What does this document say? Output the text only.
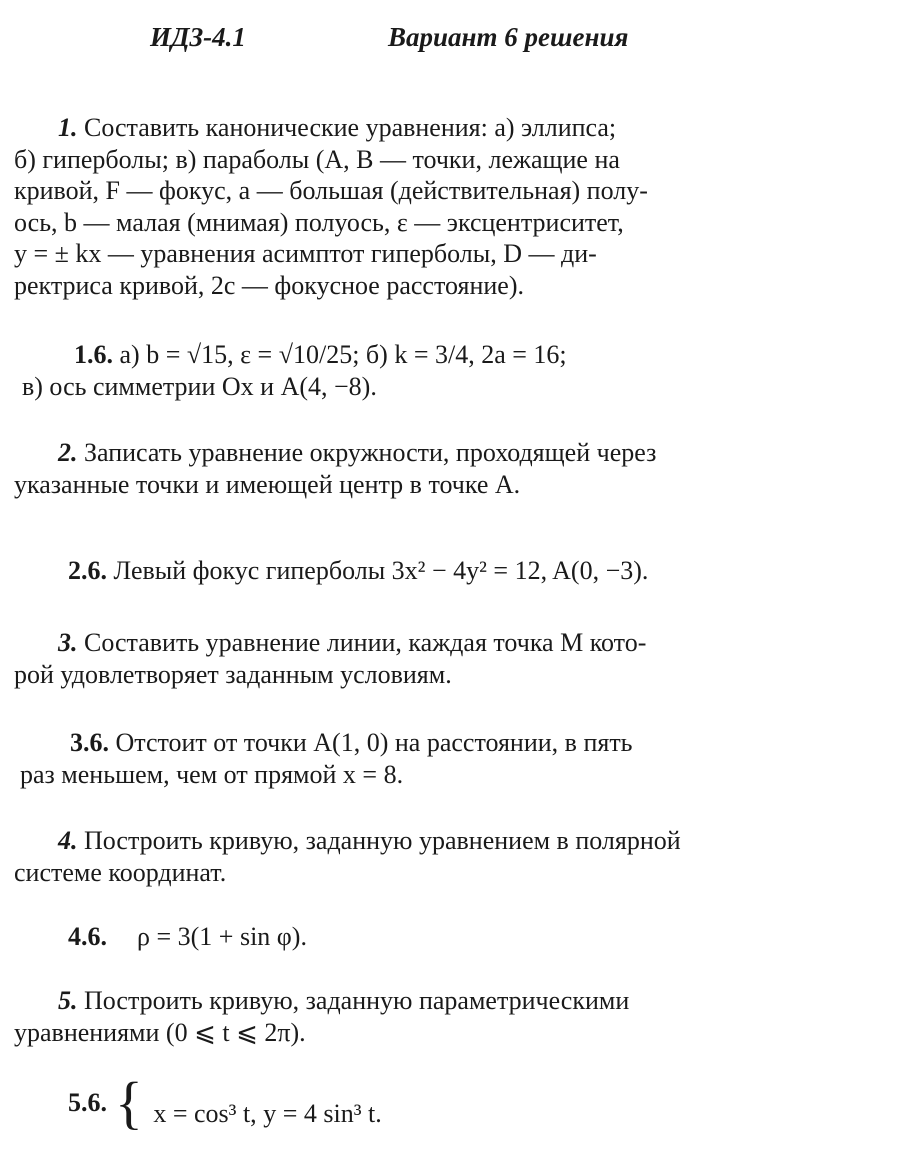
ИДЗ-4.1	Вариант 6 решения
1. Составить канонические уравнения: а) эллипса;
б) гиперболы; в) параболы (A, B — точки, лежащие на
кривой, F — фокус, a — большая (действительная) полу-
ось, b — малая (мнимая) полуось, ε — эксцентриситет,
y = ± kx — уравнения асимптот гиперболы, D — ди-
ректриса кривой, 2c — фокусное расстояние).
1.6. а) b = √15, ε = √10/25; б) k = 3/4, 2a = 16;
в) ось симметрии Ox и A(4, −8).
2. Записать уравнение окружности, проходящей через
указанные точки и имеющей центр в точке A.
2.6. Левый фокус гиперболы 3x² − 4y² = 12, A(0, −3).
3. Составить уравнение линии, каждая точка M кото-
рой удовлетворяет заданным условиям.
3.6. Отстоит от точки A(1, 0) на расстоянии, в пять
раз меньшем, чем от прямой x = 8.
4. Построить кривую, заданную уравнением в полярной
системе координат.
4.6. ρ = 3(1 + sin φ).
5. Построить кривую, заданную параметрическими
уравнениями (0 ⩽ t ⩽ 2π).
5.6. { x = cos³ t, y = 4 sin³ t.
